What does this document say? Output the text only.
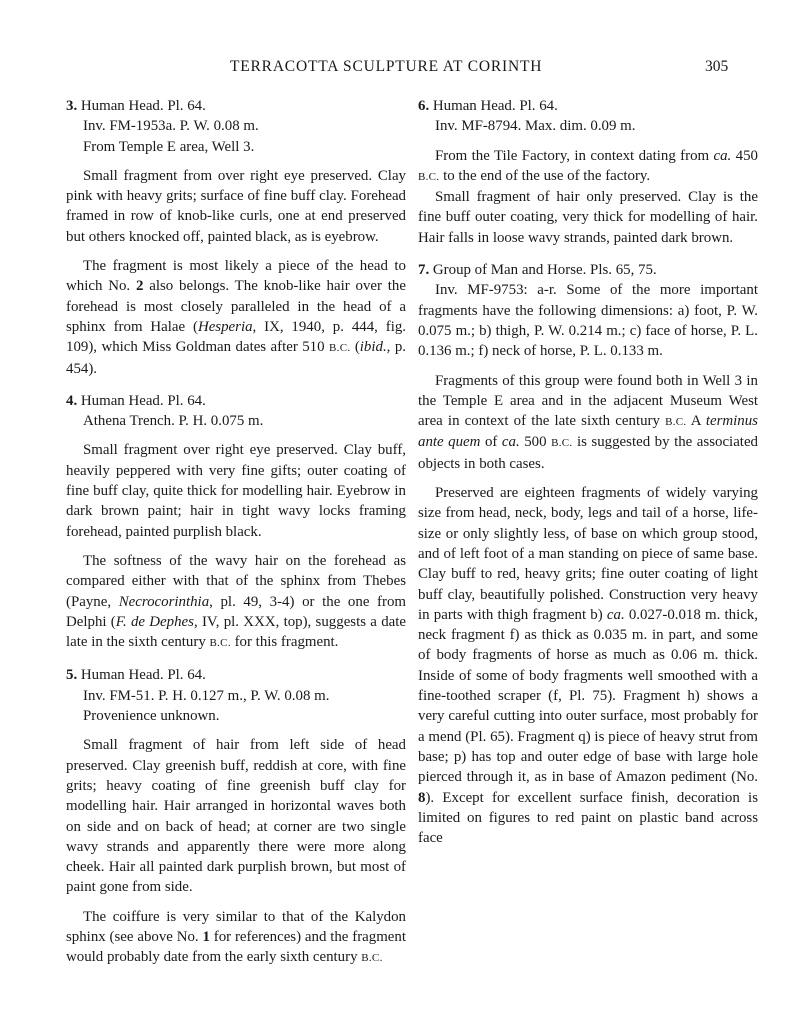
TERRACOTTA SCULPTURE AT CORINTH	305

3. Human Head. Pl. 64.

Inv. FM-1953a. P. W. 0.08 m.

From Temple E area, Well 3.

Small fragment from over right eye preserved. Clay pink with heavy grits; surface of fine buff clay. Forehead framed in row of knob-like curls, one at end preserved but others knocked off, painted black, as is eyebrow.

The fragment is most likely a piece of the head to which No. 2 also belongs. The knob-like hair over the forehead is most closely paralleled in the head of a sphinx from Halae (Hesperia, IX, 1940, p. 444, fig. 109), which Miss Goldman dates after 510 B.C. (ibid., p. 454).

4. Human Head. Pl. 64.

Athena Trench. P. H. 0.075 m.

Small fragment over right eye preserved. Clay buff, heavily peppered with very fine gifts; outer coating of fine buff clay, quite thick for modelling hair. Eyebrow in dark brown paint; hair in tight wavy locks framing forehead, painted purplish black.

The softness of the wavy hair on the forehead as compared either with that of the sphinx from Thebes (Payne, Necrocorinthia, pl. 49, 3-4) or the one from Delphi (F. de Dephes, IV, pl. XXX, top), suggests a date late in the sixth century B.C. for this fragment.

5. Human Head. Pl. 64.

Inv. FM-51. P. H. 0.127 m., P. W. 0.08 m.

Provenience unknown.

Small fragment of hair from left side of head preserved. Clay greenish buff, reddish at core, with fine grits; heavy coating of fine greenish buff clay for modelling hair. Hair arranged in horizontal waves both on side and on back of head; at corner are two single wavy strands and apparently there were more along cheek. Hair all painted dark purplish brown, but most of paint gone from side.

The coiffure is very similar to that of the Kalydon sphinx (see above No. 1 for references) and the fragment would probably date from the early sixth century B.C.

6. Human Head. Pl. 64.

Inv. MF-8794. Max. dim. 0.09 m.

From the Tile Factory, in context dating from ca. 450 B.C. to the end of the use of the factory.

Small fragment of hair only preserved. Clay is the fine buff outer coating, very thick for modelling of hair. Hair falls in loose wavy strands, painted dark brown.

7. Group of Man and Horse. Pls. 65, 75.

Inv. MF-9753: a-r. Some of the more important fragments have the following dimensions: a) foot, P. W. 0.075 m.; b) thigh, P. W. 0.214 m.; c) face of horse, P. L. 0.136 m.; f) neck of horse, P. L. 0.133 m.

Fragments of this group were found both in Well 3 in the Temple E area and in the adjacent Museum West area in context of the late sixth century B.C. A terminus ante quem of ca. 500 B.C. is suggested by the associated objects in both cases.

Preserved are eighteen fragments of widely varying size from head, neck, body, legs and tail of a horse, life-size or only slightly less, of base on which group stood, and of left foot of a man standing on piece of same base. Clay buff to red, heavy grits; fine outer coating of light buff clay, beautifully polished. Construction very heavy in parts with thigh fragment b) ca. 0.027-0.018 m. thick, neck fragment f) as thick as 0.035 m. in part, and some of body fragments of horse as much as 0.06 m. thick. Inside of some of body fragments well smoothed with a fine-toothed scraper (f, Pl. 75). Fragment h) shows a very careful cutting into outer surface, most probably for a mend (Pl. 65). Fragment q) is piece of heavy strut from base; p) has top and outer edge of base with large hole pierced through it, as in base of Amazon pediment (No. 8). Except for excellent surface finish, decoration is limited on figures to red paint on plastic band across face
